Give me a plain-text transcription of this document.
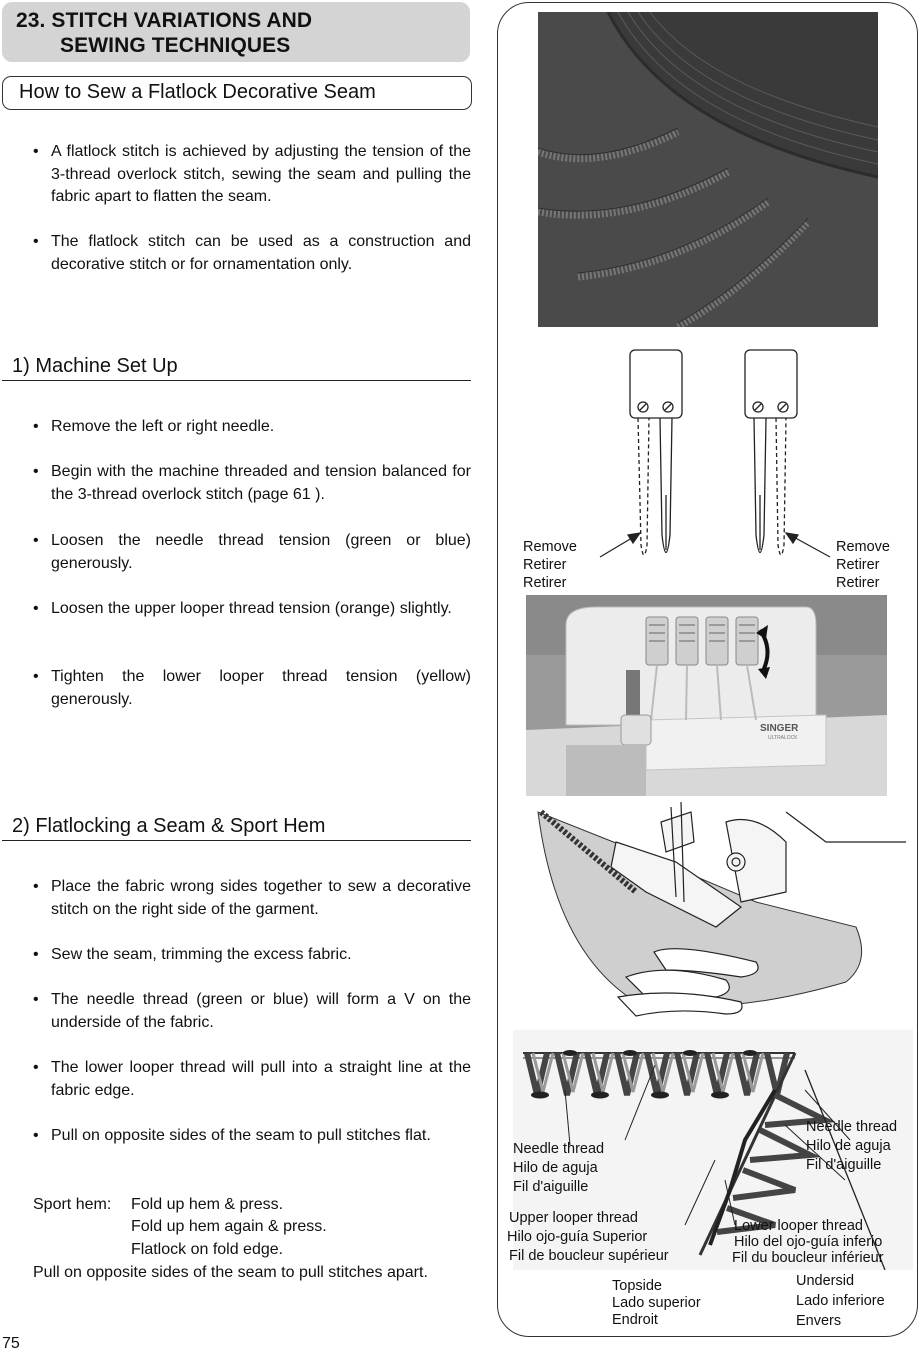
23. STITCH VARIATIONS AND
SEWING TECHNIQUES
How to Sew a Flatlock Decorative Seam
• A flatlock stitch is achieved by adjusting the tension of the 3-thread overlock stitch, sewing the seam and pulling the fabric apart to flatten the seam.
• The flatlock stitch can be used as a construction and decorative stitch or for ornamentation only.
1) Machine Set Up
• Remove the left or right needle.
• Begin with the machine threaded and tension balanced for the 3-thread overlock stitch (page 61 ).
• Loosen the needle thread tension (green or blue) generously.
• Loosen the upper looper thread tension (orange) slightly.
• Tighten the lower looper thread tension (yellow) generously.
2) Flatlocking a Seam & Sport Hem
• Place the fabric wrong sides together to sew a decorative stitch on the right side of the garment.
• Sew the seam, trimming the excess fabric.
• The needle thread (green or blue) will form a V on the underside of the fabric.
• The lower looper thread will pull into a straight line at the fabric edge.
• Pull on opposite sides of the seam to pull stitches flat.
Sport hem: Fold up hem & press.
Fold up hem again & press.
Flatlock on fold edge.
Pull on opposite sides of the seam to pull stitches apart.
75
Remove
Retirer
Retirer
Remove
Retirer
Retirer
SINGER
ULTRALOCK
Needle thread
Hilo de aguja
Fil d'aiguille
Needle thread
Hilo de aguja
Fil d'aiguille
Upper looper thread
Hilo ojo-guía Superior
Fil de boucleur supérieur
Lower looper thread
Hilo del ojo-guía inferio
Fil du boucleur inférieur
Topside
Lado superior
Endroit
Undersid
Lado inferiore
Envers
